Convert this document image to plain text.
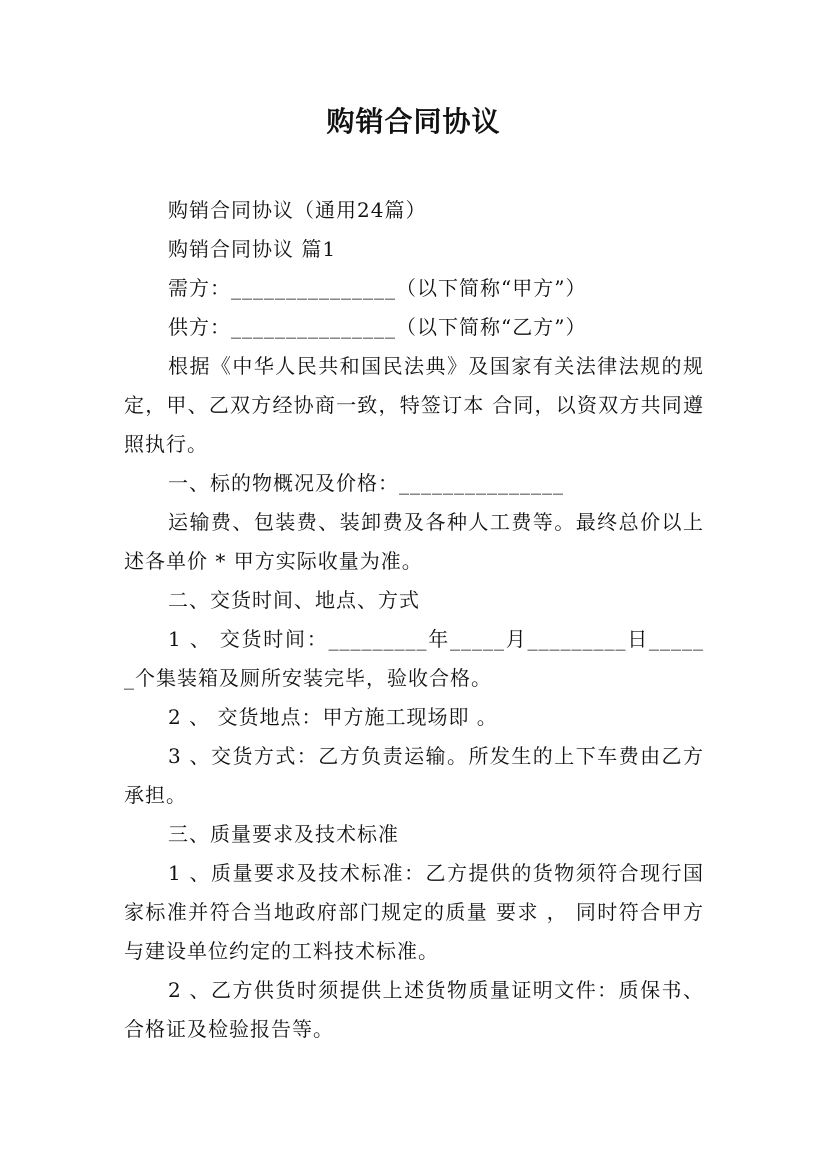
购销合同协议

购销合同协议（通用24篇）

购销合同协议 篇1

需方：_______________（以下简称“甲方”）

供方：_______________（以下简称“乙方”）

根据《中华人民共和国民法典》及国家有关法律法规的规定，甲、乙双方经协商一致，特签订本 合同，以资双方共同遵照执行。

一、标的物概况及价格：_______________

运输费、包装费、装卸费及各种人工费等。最终总价以上述各单价 * 甲方实际收量为准。

二、交货时间、地点、方式

1 、 交货时间：_________年_____月_________日______个集装箱及厕所安装完毕，验收合格。

2 、 交货地点：甲方施工现场即 。

3 、交货方式：乙方负责运输。所发生的上下车费由乙方承担。

三、质量要求及技术标准

1 、质量要求及技术标准：乙方提供的货物须符合现行国家标准并符合当地政府部门规定的质量 要求 ， 同时符合甲方与建设单位约定的工料技术标准。

2 、乙方供货时须提供上述货物质量证明文件：质保书、合格证及检验报告等。
